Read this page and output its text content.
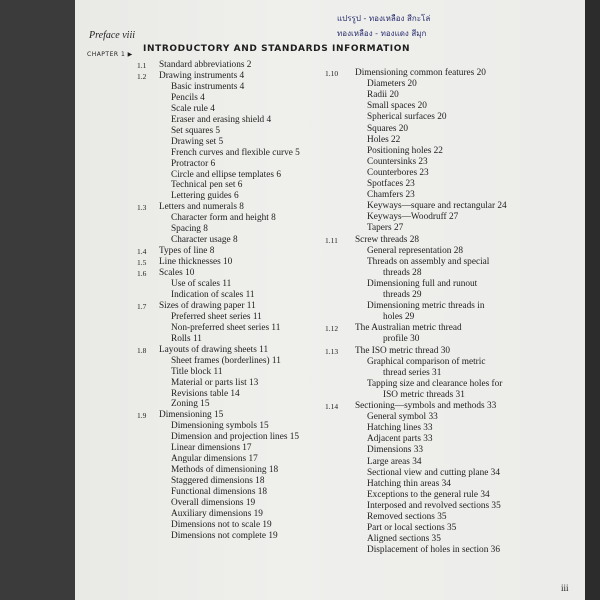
Preface viii
แปรรูป - ทองเหลือง สีกะโล่
ทองเหลือง - ทองแดง สีมุก
CHAPTER 1 ▶
INTRODUCTORY AND STANDARDS INFORMATION
1.1 Standard abbreviations 2
1.2 Drawing instruments 4
Basic instruments 4
Pencils 4
Scale rule 4
Eraser and erasing shield 4
Set squares 5
Drawing set 5
French curves and flexible curve 5
Protractor 6
Circle and ellipse templates 6
Technical pen set 6
Lettering guides 6
1.3 Letters and numerals 8
Character form and height 8
Spacing 8
Character usage 8
1.4 Types of line 8
1.5 Line thicknesses 10
1.6 Scales 10
Use of scales 11
Indication of scales 11
1.7 Sizes of drawing paper 11
Preferred sheet series 11
Non-preferred sheet series 11
Rolls 11
1.8 Layouts of drawing sheets 11
Sheet frames (borderlines) 11
Title block 11
Material or parts list 13
Revisions table 14
Zoning 15
1.9 Dimensioning 15
Dimensioning symbols 15
Dimension and projection lines 15
Linear dimensions 17
Angular dimensions 17
Methods of dimensioning 18
Staggered dimensions 18
Functional dimensions 18
Overall dimensions 19
Auxiliary dimensions 19
Dimensions not to scale 19
Dimensions not complete 19
1.10 Dimensioning common features 20
Diameters 20
Radii 20
Small spaces 20
Spherical surfaces 20
Squares 20
Holes 22
Positioning holes 22
Countersinks 23
Counterbores 23
Spotfaces 23
Chamfers 23
Keyways—square and rectangular 24
Keyways—Woodruff 27
Tapers 27
1.11 Screw threads 28
General representation 28
Threads on assembly and special
threads 28
Dimensioning full and runout
threads 29
Dimensioning metric threads in
holes 29
1.12 The Australian metric thread
profile 30
1.13 The ISO metric thread 30
Graphical comparison of metric
thread series 31
Tapping size and clearance holes for
ISO metric threads 31
1.14 Sectioning—symbols and methods 33
General symbol 33
Hatching lines 33
Adjacent parts 33
Dimensions 33
Large areas 34
Sectional view and cutting plane 34
Hatching thin areas 34
Exceptions to the general rule 34
Interposed and revolved sections 35
Removed sections 35
Part or local sections 35
Aligned sections 35
Displacement of holes in section 36
iii
